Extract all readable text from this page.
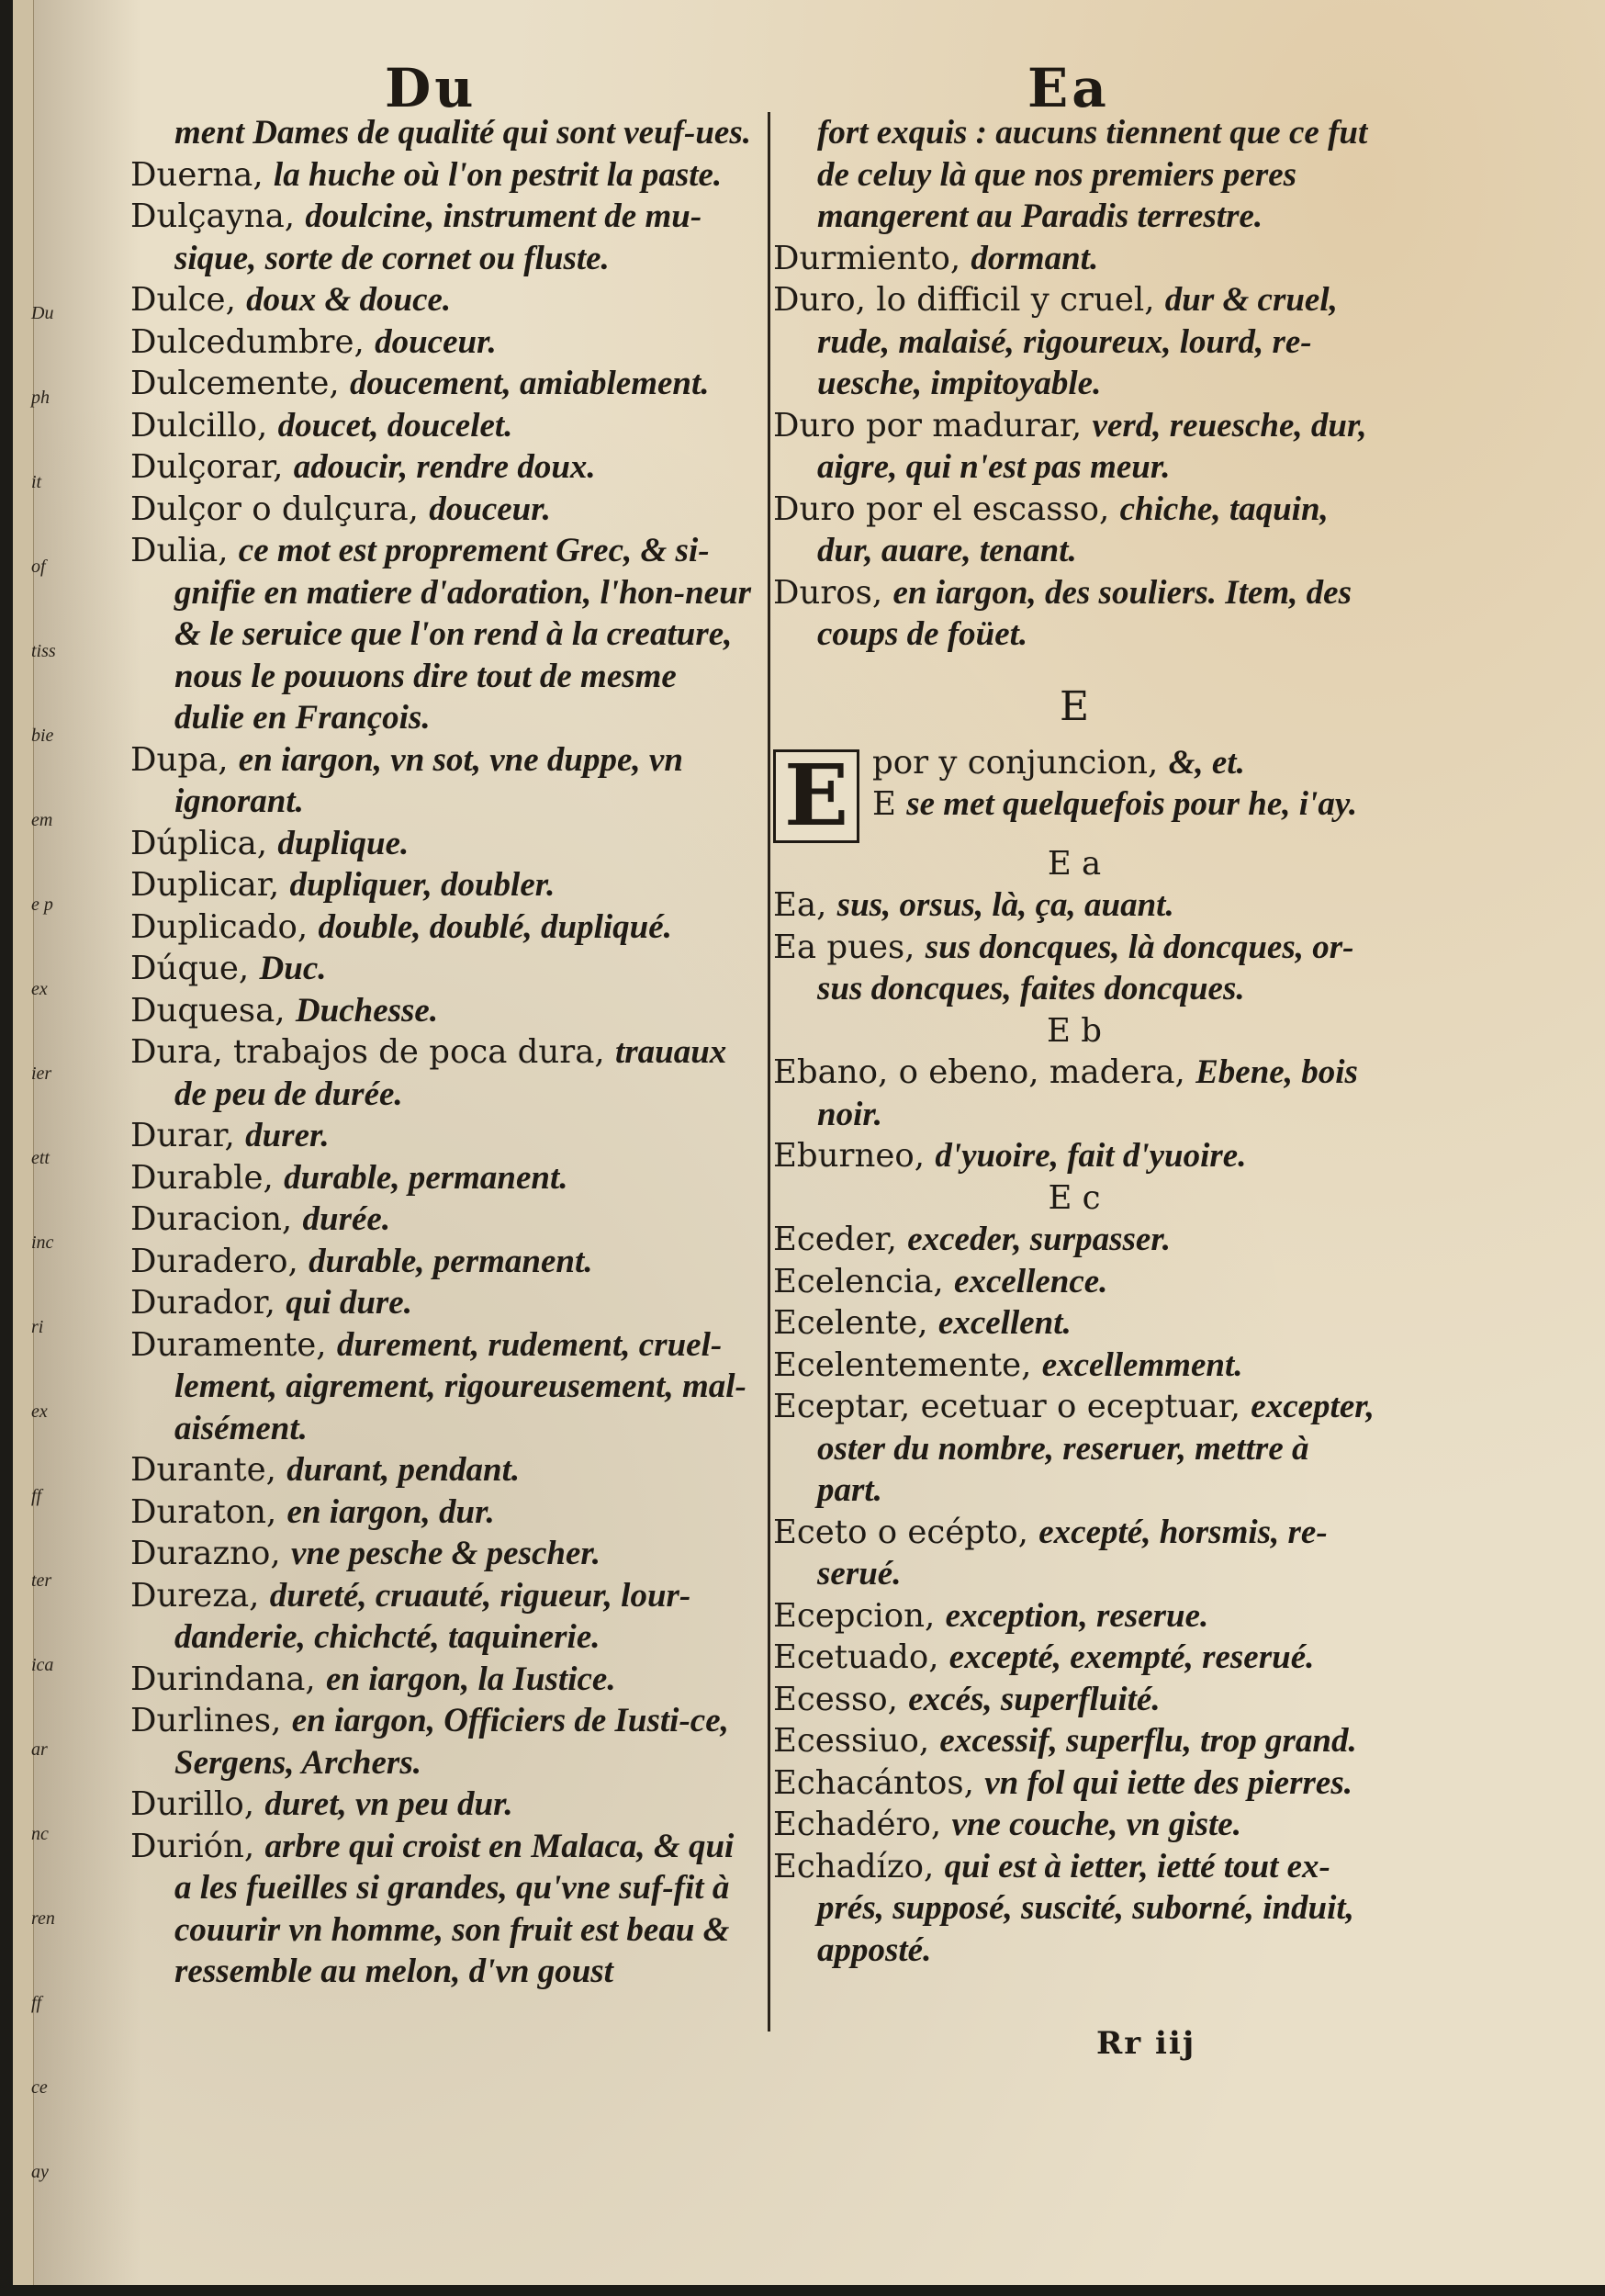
Du
ph
it
of
tiss
bie
em
e p
ex
ier
ett
inc
ri
ex
ff
ter
ica
ar
nc
ren
ff
ce
ay
Du	Ea

ment Dames de qualité qui sont veuf-ues.

Duerna, la huche où l'on pestrit la paste.

Dulçayna, doulcine, instrument de mu-sique, sorte de cornet ou fluste.

Dulce, doux & douce.

Dulcedumbre, douceur.

Dulcemente, doucement, amiablement.

Dulcillo, doucet, doucelet.

Dulçorar, adoucir, rendre doux.

Dulçor o dulçura, douceur.

Dulia, ce mot est proprement Grec, & si-gnifie en matiere d'adoration, l'hon-neur & le seruice que l'on rend à la creature, nous le pouuons dire tout de mesme dulie en François.

Dupa, en iargon, vn sot, vne duppe, vn ignorant.

Dúplica, duplique.

Duplicar, dupliquer, doubler.

Duplicado, double, doublé, dupliqué.

Dúque, Duc.

Duquesa, Duchesse.

Dura, trabajos de poca dura, trauaux de peu de durée.

Durar, durer.

Durable, durable, permanent.

Duracion, durée.

Duradero, durable, permanent.

Durador, qui dure.

Duramente, durement, rudement, cruel-lement, aigrement, rigoureusement, mal-aisément.

Durante, durant, pendant.

Duraton, en iargon, dur.

Durazno, vne pesche & pescher.

Dureza, dureté, cruauté, rigueur, lour-danderie, chichcté, taquinerie.

Durindana, en iargon, la Iustice.

Durlines, en iargon, Officiers de Iusti-ce, Sergens, Archers.

Durillo, duret, vn peu dur.

Durión, arbre qui croist en Malaca, & qui a les fueilles si grandes, qu'vne suf-fit à couurir vn homme, son fruit est beau & ressemble au melon, d'vn goust

fort exquis : aucuns tiennent que ce fut de celuy là que nos premiers peres mangerent au Paradis terrestre.

Durmiento, dormant.

Duro, lo difficil y cruel, dur & cruel, rude, malaisé, rigoureux, lourd, re-uesche, impitoyable.

Duro por madurar, verd, reuesche, dur, aigre, qui n'est pas meur.

Duro por el escasso, chiche, taquin, dur, auare, tenant.

Duros, en iargon, des souliers. Item, des coups de foüet.

E
E por y conjuncion, &, et.

E se met quelquefois pour he, i'ay.

E a

Ea, sus, orsus, là, ça, auant.

Ea pues, sus doncques, là doncques, or-sus doncques, faites doncques.

E b

Ebano, o ebeno, madera, Ebene, bois noir.

Eburneo, d'yuoire, fait d'yuoire.

E c

Eceder, exceder, surpasser.

Ecelencia, excellence.

Ecelente, excellent.

Ecelentemente, excellemment.

Eceptar, ecetuar o eceptuar, excepter, oster du nombre, reseruer, mettre à part.

Eceto o ecépto, excepté, horsmis, re-serué.

Ecepcion, exception, reserue.

Ecetuado, excepté, exempté, reserué.

Ecesso, excés, superfluité.

Ecessiuo, excessif, superflu, trop grand.

Echacántos, vn fol qui iette des pierres.

Echadéro, vne couche, vn giste.

Echadízo, qui est à ietter, ietté tout ex-prés, supposé, suscité, suborné, induit, apposté.

Rr iij
